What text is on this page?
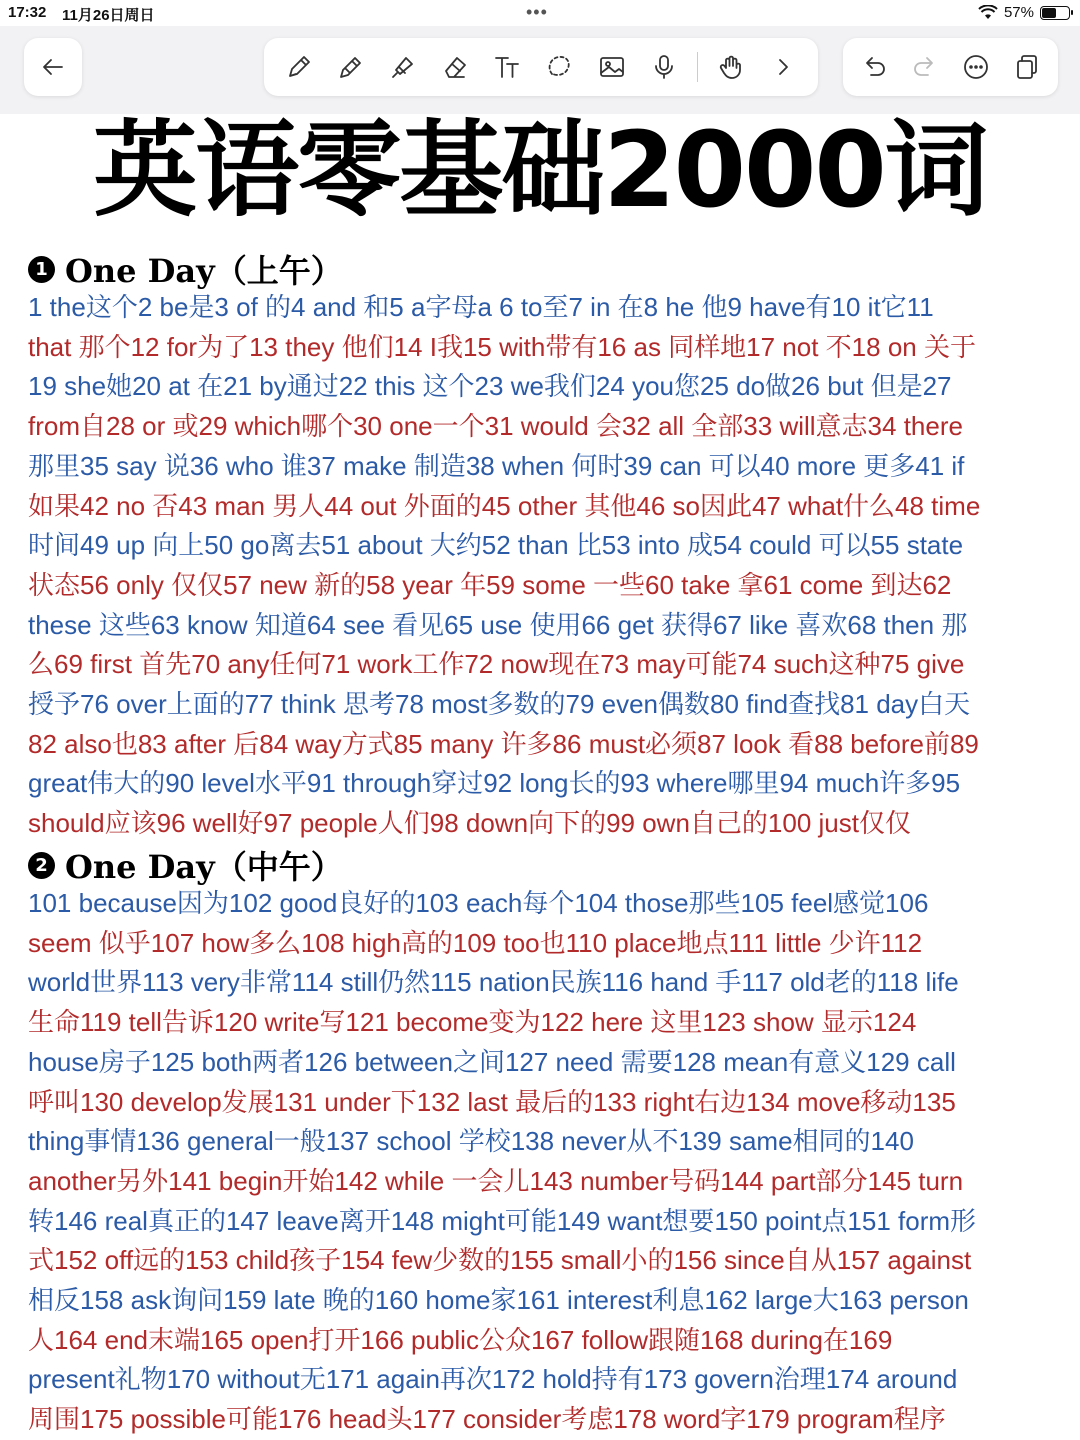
17:32 11月26日周日	•••	57%
英语零基础2000词
1 One Day（上午）
1 the这个2 be是3 of 的4 and 和5 a字母a 6 to至7 in 在8 he 他9 have有10 it它11
that 那个12 for为了13 they 他们14 I我15 with带有16 as 同样地17 not 不18 on 关于
19 she她20 at 在21 by通过22 this 这个23 we我们24 you您25 do做26 but 但是27
from自28 or 或29 which哪个30 one一个31 would 会32 all 全部33 will意志34 there
那里35 say 说36 who 谁37 make 制造38 when 何时39 can 可以40 more 更多41 if
如果42 no 否43 man 男人44 out 外面的45 other 其他46 so因此47 what什么48 time
时间49 up 向上50 go离去51 about 大约52 than 比53 into 成54 could 可以55 state
状态56 only 仅仅57 new 新的58 year 年59 some 一些60 take 拿61 come 到达62
these 这些63 know 知道64 see 看见65 use 使用66 get 获得67 like 喜欢68 then 那
么69 first 首先70 any任何71 work工作72 now现在73 may可能74 such这种75 give
授予76 over上面的77 think 思考78 most多数的79 even偶数80 find查找81 day白天
82 also也83 after 后84 way方式85 many 许多86 must必须87 look 看88 before前89
great伟大的90 level水平91 through穿过92 long长的93 where哪里94 much许多95
should应该96 well好97 people人们98 down向下的99 own自己的100 just仅仅
2 One Day（中午）
101 because因为102 good良好的103 each每个104 those那些105 feel感觉106
seem 似乎107 how多么108 high高的109 too也110 place地点111 little 少许112
world世界113 very非常114 still仍然115 nation民族116 hand 手117 old老的118 life
生命119 tell告诉120 write写121 become变为122 here 这里123 show 显示124
house房子125 both两者126 between之间127 need 需要128 mean有意义129 call
呼叫130 develop发展131 under下132 last 最后的133 right右边134 move移动135
thing事情136 general一般137 school 学校138 never从不139 same相同的140
another另外141 begin开始142 while 一会儿143 number号码144 part部分145 turn
转146 real真正的147 leave离开148 might可能149 want想要150 point点151 form形
式152 off远的153 child孩子154 few少数的155 small小的156 since自从157 against
相反158 ask询问159 late 晚的160 home家161 interest利息162 large大163 person
人164 end末端165 open打开166 public公众167 follow跟随168 during在169
present礼物170 without无171 again再次172 hold持有173 govern治理174 around
周围175 possible可能176 head头177 consider考虑178 word字179 program程序
